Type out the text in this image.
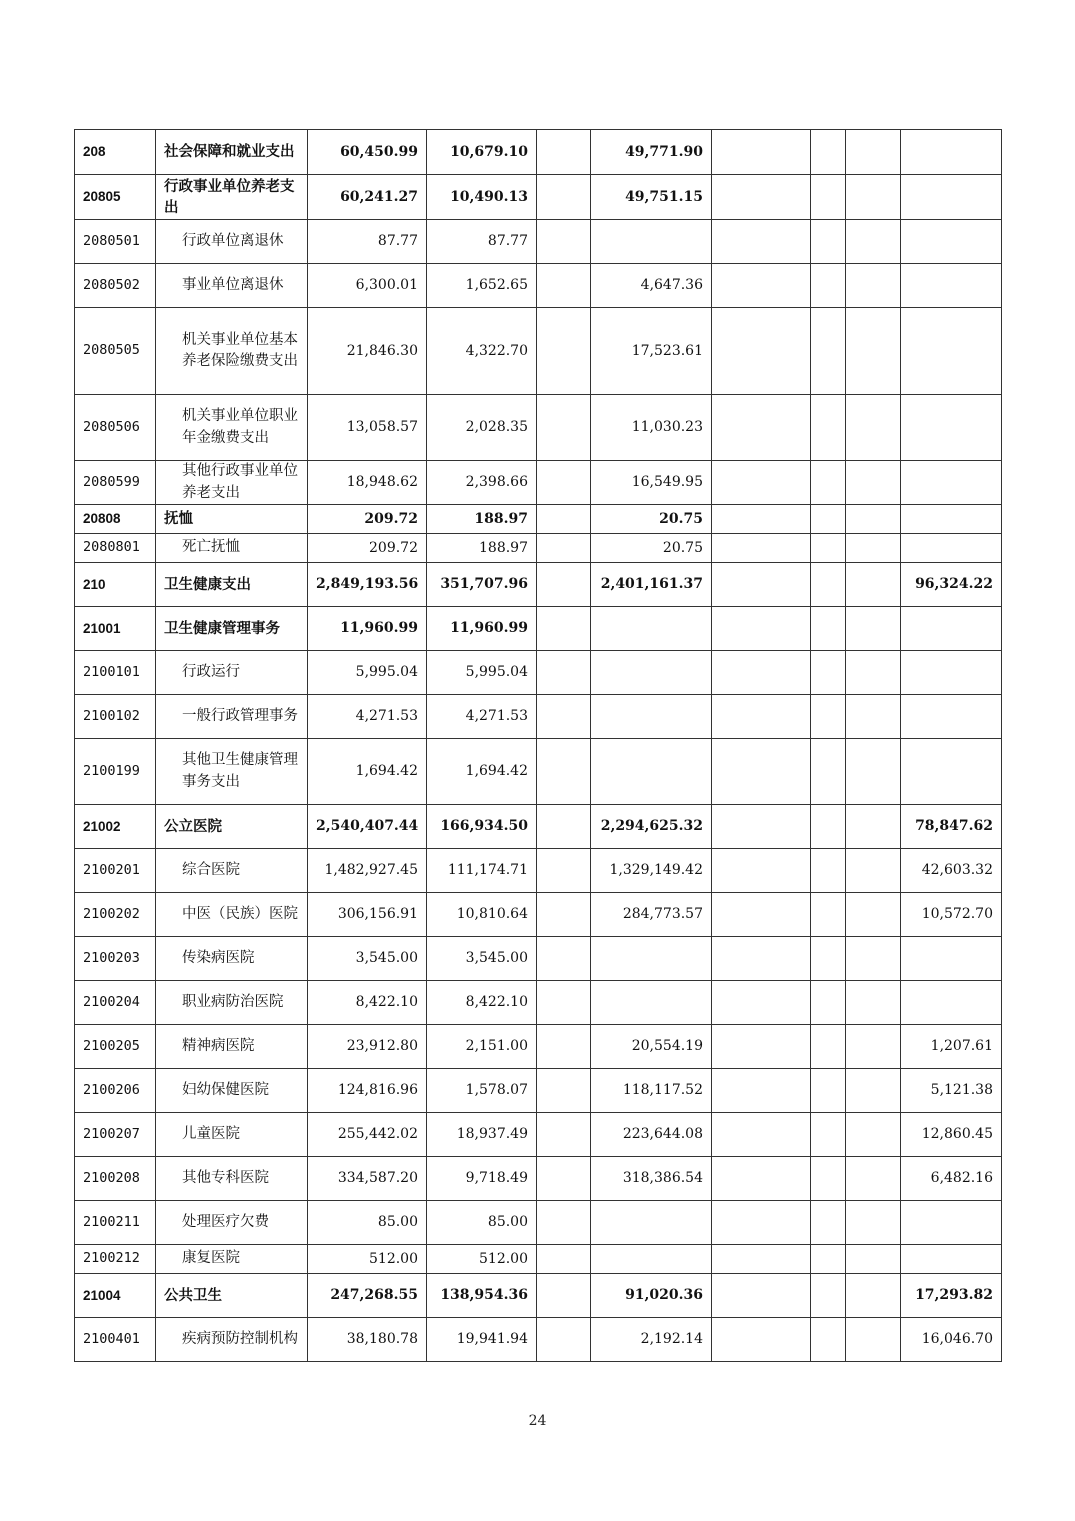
208	社会保障和就业支出	60,450.99	10,679.10		49,771.90				
20805	行政事业单位养老支出	60,241.27	10,490.13		49,751.15				
2080501	行政单位离退休	87.77	87.77						
2080502	事业单位离退休	6,300.01	1,652.65		4,647.36				
2080505	机关事业单位基本养老保险缴费支出	21,846.30	4,322.70		17,523.61				
2080506	机关事业单位职业年金缴费支出	13,058.57	2,028.35		11,030.23				
2080599	其他行政事业单位养老支出	18,948.62	2,398.66		16,549.95				
20808	抚恤	209.72	188.97		20.75				
2080801	死亡抚恤	209.72	188.97		20.75				
210	卫生健康支出	2,849,193.56	351,707.96		2,401,161.37				96,324.22
21001	卫生健康管理事务	11,960.99	11,960.99						
2100101	行政运行	5,995.04	5,995.04						
2100102	一般行政管理事务	4,271.53	4,271.53						
2100199	其他卫生健康管理事务支出	1,694.42	1,694.42						
21002	公立医院	2,540,407.44	166,934.50		2,294,625.32				78,847.62
2100201	综合医院	1,482,927.45	111,174.71		1,329,149.42				42,603.32
2100202	中医（民族）医院	306,156.91	10,810.64		284,773.57				10,572.70
2100203	传染病医院	3,545.00	3,545.00						
2100204	职业病防治医院	8,422.10	8,422.10						
2100205	精神病医院	23,912.80	2,151.00		20,554.19				1,207.61
2100206	妇幼保健医院	124,816.96	1,578.07		118,117.52				5,121.38
2100207	儿童医院	255,442.02	18,937.49		223,644.08				12,860.45
2100208	其他专科医院	334,587.20	9,718.49		318,386.54				6,482.16
2100211	处理医疗欠费	85.00	85.00						
2100212	康复医院	512.00	512.00						
21004	公共卫生	247,268.55	138,954.36		91,020.36				17,293.82
2100401	疾病预防控制机构	38,180.78	19,941.94		2,192.14				16,046.70
24
